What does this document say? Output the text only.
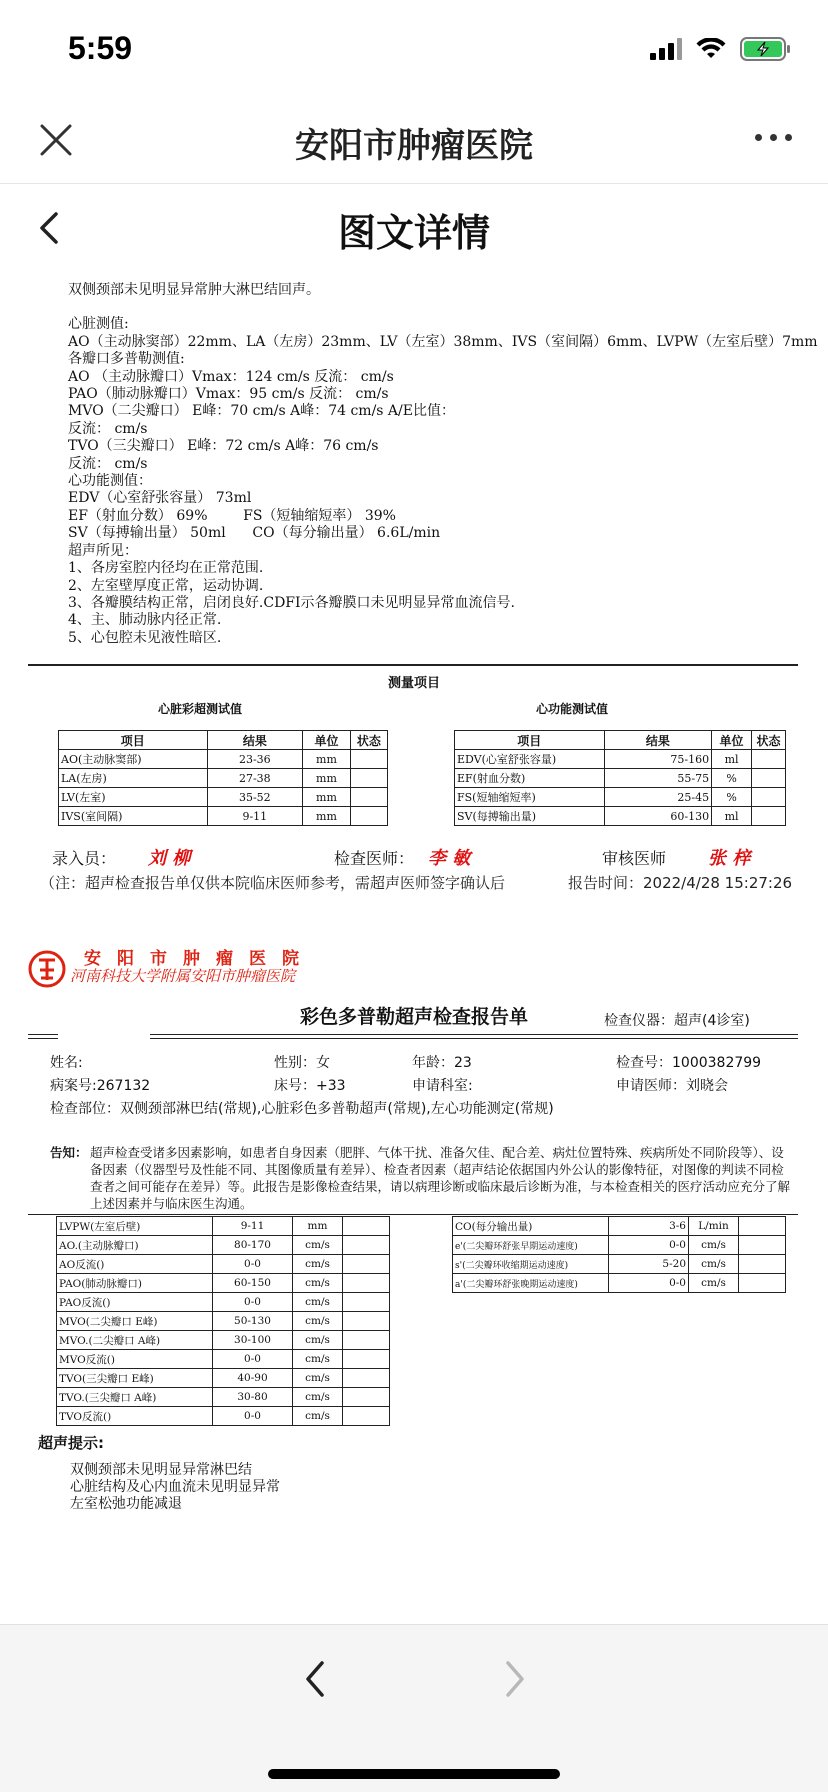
5:59
安阳市肿瘤医院
图文详情
双侧颈部未见明显异常肿大淋巴结回声。
心脏测值:
AO（主动脉窦部）22mm、LA（左房）23mm、LV（左室）38mm、IVS（室间隔）6mm、LVPW（左室后壁）7mm
各瓣口多普勒测值:
AO （主动脉瓣口）Vmax：124 cm/s 反流： cm/s
PAO（肺动脉瓣口）Vmax：95 cm/s 反流： cm/s
MVO（二尖瓣口） E峰：70 cm/s A峰：74 cm/s A/E比值：
反流： cm/s
TVO（三尖瓣口） E峰：72 cm/s A峰：76 cm/s
反流： cm/s
心功能测值：
EDV（心室舒张容量） 73ml
EF（射血分数） 69%        FS（短轴缩短率） 39%
SV（每搏输出量） 50ml      CO（每分输出量） 6.6L/min
超声所见：
1、各房室腔内径均在正常范围.
2、左室壁厚度正常，运动协调.
3、各瓣膜结构正常，启闭良好.CDFI示各瓣膜口未见明显异常血流信号.
4、主、肺动脉内径正常.
5、心包腔未见液性暗区.
测量项目
心脏彩超测试值	心功能测试值
项目	结果	单位	状态
AO(主动脉窦部)	23-36	mm	
LA(左房)	27-38	mm	
LV(左室)	35-52	mm	
IVS(室间隔)	9-11	mm	
项目	结果	单位	状态
EDV(心室舒张容量)	75-160	ml	
EF(射血分数)	55-75	%	
FS(短轴缩短率)	25-45	%	
SV(每搏输出量)	60-130	ml	
录入员： 刘 柳	检查医师： 李 敏	审核医师 张 梓
（注：超声检查报告单仅供本院临床医师参考，需超声医师签字确认后	报告时间：2022/4/28 15:27:26
安阳市肿瘤医院
河南科技大学附属安阳市肿瘤医院
彩色多普勒超声检查报告单	检查仪器：超声(4诊室)
姓名:	性别：女	年龄：23	检查号：1000382799
病案号:267132	床号：+33	申请科室:	申请医师：刘晓会
检查部位：双侧颈部淋巴结(常规),心脏彩色多普勒超声(常规),左心功能测定(常规)
告知： 超声检查受诸多因素影响，如患者自身因素（肥胖、气体干扰、准备欠佳、配合差、病灶位置特殊、疾病所处不同阶段等）、设备因素（仪器型号及性能不同、其图像质量有差异）、检查者因素（超声结论依据国内外公认的影像特征，对图像的判读不同检查者之间可能存在差异）等。此报告是影像检查结果，请以病理诊断或临床最后诊断为准，与本检查相关的医疗活动应充分了解上述因素并与临床医生沟通。
LVPW(左室后壁)	9-11	mm	
AO.(主动脉瓣口)	80-170	cm/s	
AO反流()	0-0	cm/s	
PAO(肺动脉瓣口)	60-150	cm/s	
PAO反流()	0-0	cm/s	
MVO(二尖瓣口 E峰)	50-130	cm/s	
MVO.(二尖瓣口 A峰)	30-100	cm/s	
MVO反流()	0-0	cm/s	
TVO(三尖瓣口 E峰)	40-90	cm/s	
TVO.(三尖瓣口 A峰)	30-80	cm/s	
TVO反流()	0-0	cm/s	
CO(每分输出量)	3-6	L/min	
e'(二尖瓣环舒张早期运动速度)	0-0	cm/s	
s'(二尖瓣环收缩期运动速度)	5-20	cm/s	
a'(二尖瓣环舒张晚期运动速度)	0-0	cm/s	
超声提示:
双侧颈部未见明显异常淋巴结
心脏结构及心内血流未见明显异常
左室松弛功能减退
